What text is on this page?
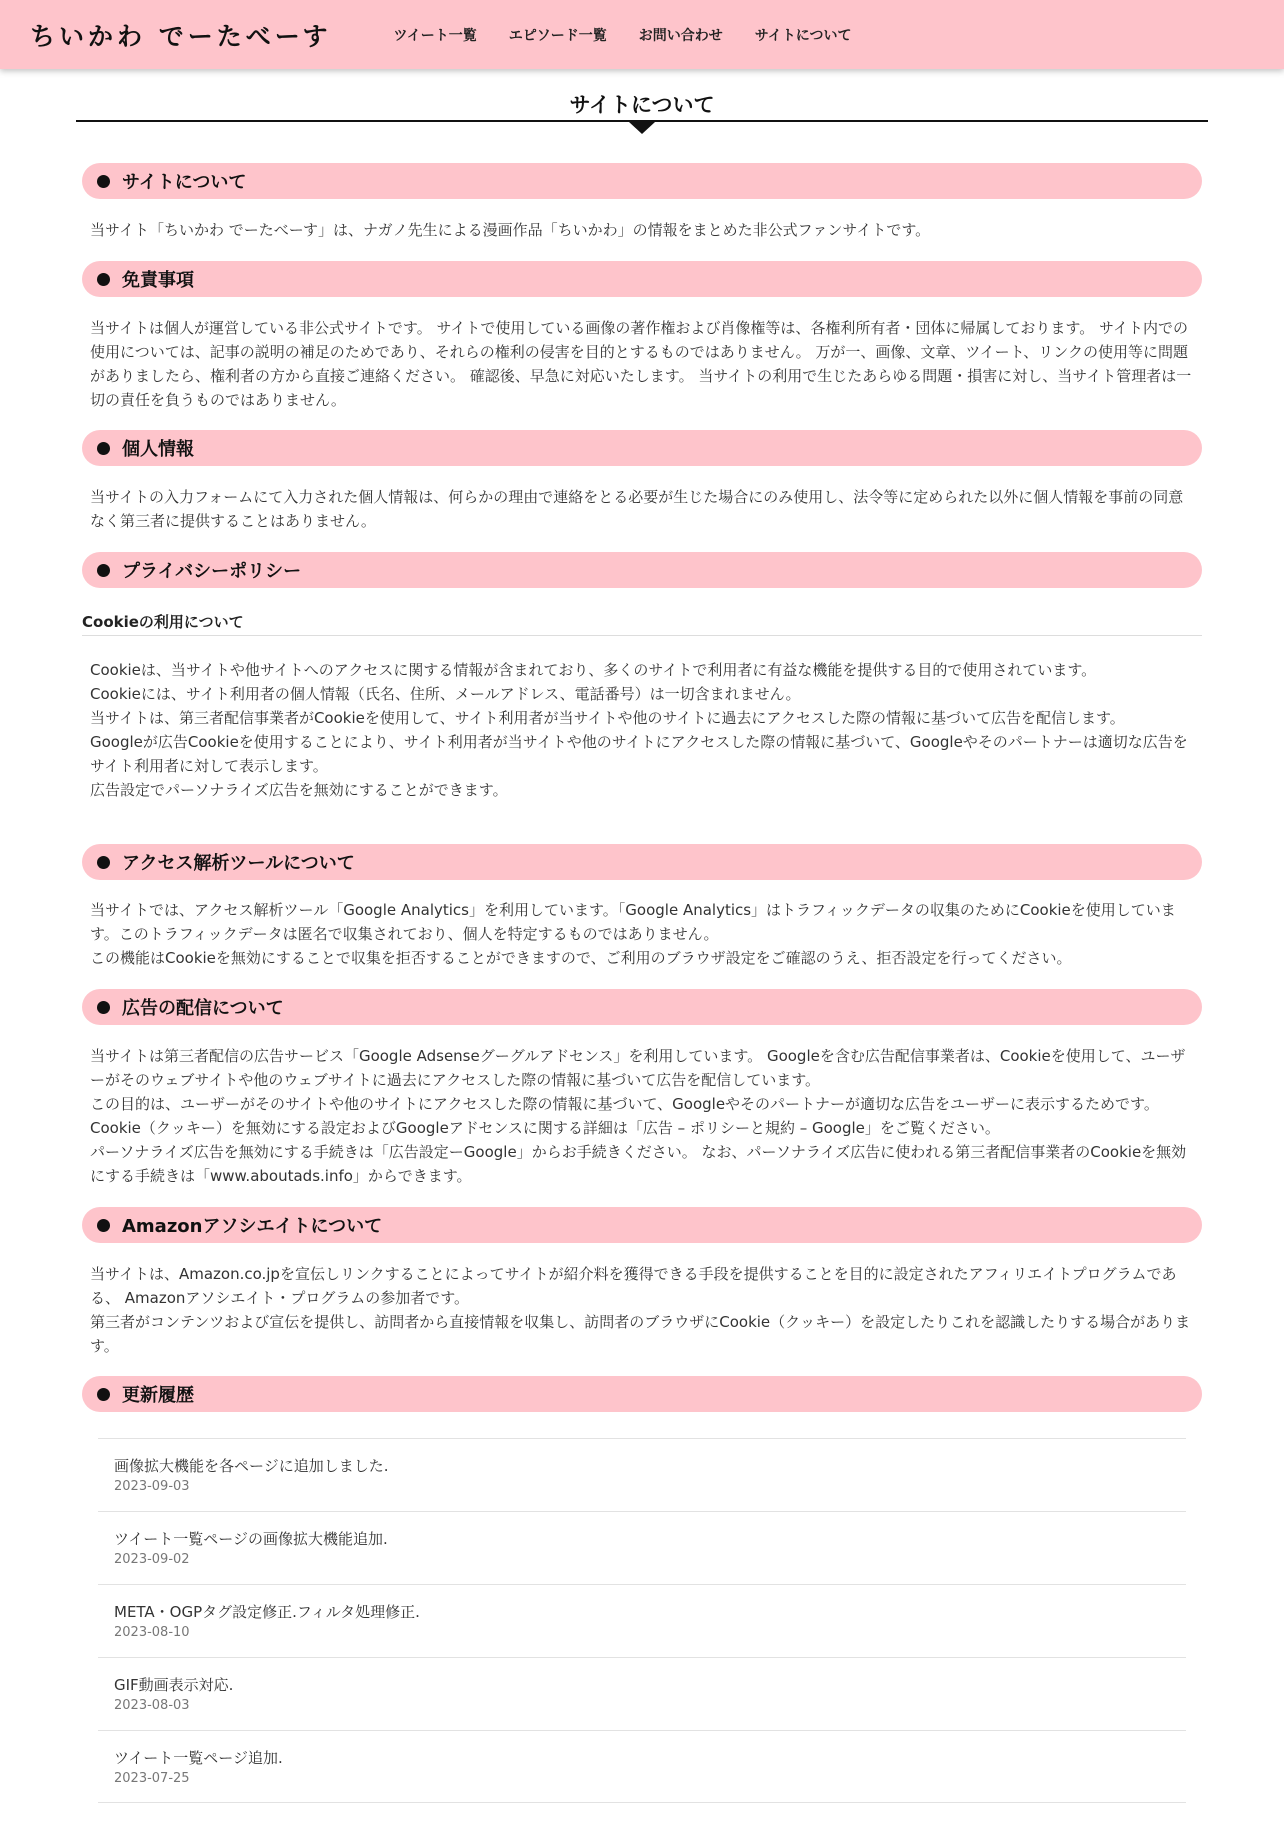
ちいかわ でーたべーす	ツイート一覧 エピソード一覧 お問い合わせ サイトについて
サイトについて
サイトについて

当サイト「ちいかわ でーたべーす」は、ナガノ先生による漫画作品「ちいかわ」の情報をまとめた非公式ファンサイトです。

免責事項

当サイトは個人が運営している非公式サイトです。 サイトで使用している画像の著作権および肖像権等は、各権利所有者・団体に帰属しております。 サイト内での使用については、記事の説明の補足のためであり、それらの権利の侵害を目的とするものではありません。 万が一、画像、文章、ツイート、リンクの使用等に問題がありましたら、権利者の方から直接ご連絡ください。 確認後、早急に対応いたします。 当サイトの利用で生じたあらゆる問題・損害に対し、当サイト管理者は一切の責任を負うものではありません。

個人情報

当サイトの入力フォームにて入力された個人情報は、何らかの理由で連絡をとる必要が生じた場合にのみ使用し、法令等に定められた以外に個人情報を事前の同意なく第三者に提供することはありません。

プライバシーポリシー
Cookieの利用について

Cookieは、当サイトや他サイトへのアクセスに関する情報が含まれており、多くのサイトで利用者に有益な機能を提供する目的で使用されています。

Cookieには、サイト利用者の個人情報（氏名、住所、メールアドレス、電話番号）は一切含まれません。

当サイトは、第三者配信事業者がCookieを使用して、サイト利用者が当サイトや他のサイトに過去にアクセスした際の情報に基づいて広告を配信します。

Googleが広告Cookieを使用することにより、サイト利用者が当サイトや他のサイトにアクセスした際の情報に基づいて、Googleやそのパートナーは適切な広告をサイト利用者に対して表示します。

広告設定でパーソナライズ広告を無効にすることができます。

アクセス解析ツールについて

当サイトでは、アクセス解析ツール「Google Analytics」を利用しています。「Google Analytics」はトラフィックデータの収集のためにCookieを使用しています。このトラフィックデータは匿名で収集されており、個人を特定するものではありません。

この機能はCookieを無効にすることで収集を拒否することができますので、ご利用のブラウザ設定をご確認のうえ、拒否設定を行ってください。

広告の配信について

当サイトは第三者配信の広告サービス「Google Adsenseグーグルアドセンス」を利用しています。 Googleを含む広告配信事業者は、Cookieを使用して、ユーザーがそのウェブサイトや他のウェブサイトに過去にアクセスした際の情報に基づいて広告を配信しています。

この目的は、ユーザーがそのサイトや他のサイトにアクセスした際の情報に基づいて、Googleやそのパートナーが適切な広告をユーザーに表示するためです。 Cookie（クッキー）を無効にする設定およびGoogleアドセンスに関する詳細は「広告 – ポリシーと規約 – Google」をご覧ください。

パーソナライズ広告を無効にする手続きは「広告設定ーGoogle」からお手続きください。 なお、パーソナライズ広告に使われる第三者配信事業者のCookieを無効にする手続きは「www.aboutads.info」からできます。

Amazonアソシエイトについて

当サイトは、Amazon.co.jpを宣伝しリンクすることによってサイトが紹介料を獲得できる手段を提供することを目的に設定されたアフィリエイトプログラムである、 Amazonアソシエイト・プログラムの参加者です。

第三者がコンテンツおよび宣伝を提供し、訪問者から直接情報を収集し、訪問者のブラウザにCookie（クッキー）を設定したりこれを認識したりする場合があります。

更新履歴
画像拡大機能を各ページに追加しました.
2023-09-03
ツイート一覧ページの画像拡大機能追加.
2023-09-02
META・OGPタグ設定修正.フィルタ処理修正.
2023-08-10
GIF動画表示対応.
2023-08-03
ツイート一覧ページ追加.
2023-07-25
